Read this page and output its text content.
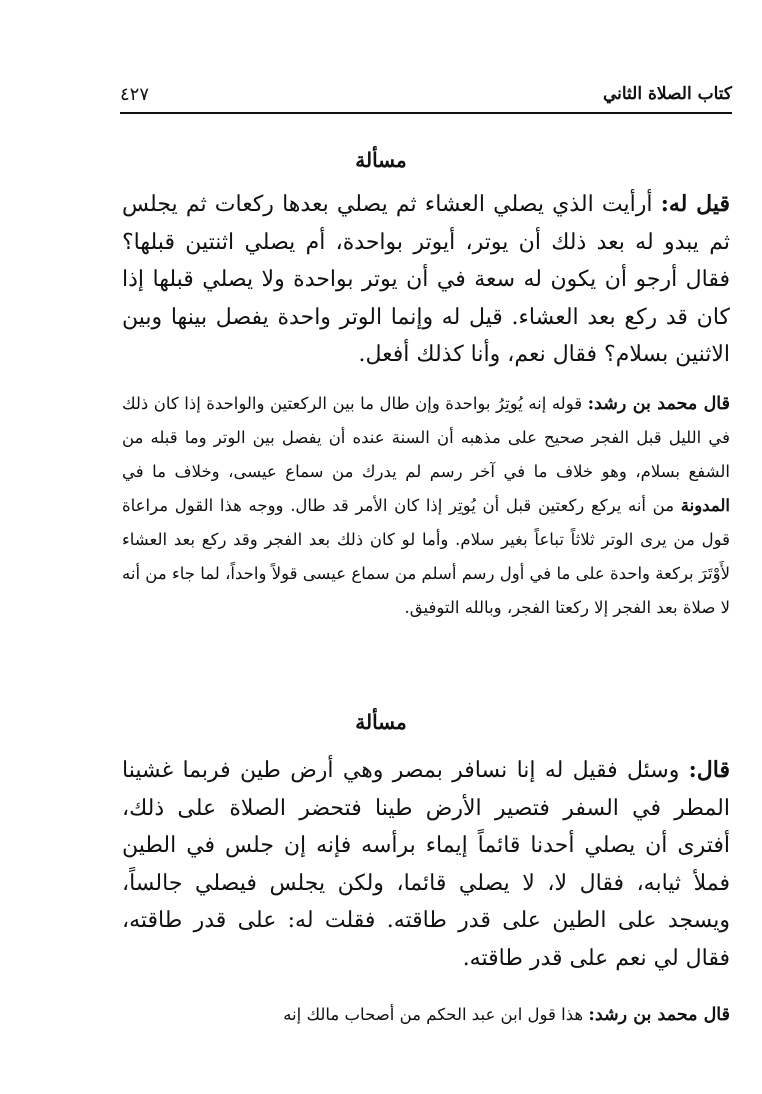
كتاب الصلاة الثاني
٤٢٧
مسألة

قيل له: أرأيت الذي يصلي العشاء ثم يصلي بعدها ركعات ثم يجلس ثم يبدو له بعد ذلك أن يوتر، أيوتر بواحدة، أم يصلي اثنتين قبلها؟ فقال أرجو أن يكون له سعة في أن يوتر بواحدة ولا يصلي قبلها إذا كان قد ركع بعد العشاء. قيل له وإنما الوتر واحدة يفصل بينها وبين الاثنين بسلام؟ فقال نعم، وأنا كذلك أفعل.

قال محمد بن رشد: قوله إنه يُوتِرُ بواحدة وإن طال ما بين الركعتين والواحدة إذا كان ذلك في الليل قبل الفجر صحيح على مذهبه أن السنة عنده أن يفصل بين الوتر وما قبله من الشفع بسلام، وهو خلاف ما في آخر رسم لم يدرك من سماع عيسى، وخلاف ما في المدونة من أنه يركع ركعتين قبل أن يُوتِر إذا كان الأمر قد طال. ووجه هذا القول مراعاة قول من يرى الوتر ثلاثاً تباعاً بغير سلام. وأما لو كان ذلك بعد الفجر وقد ركع بعد العشاء لأَوْتَرَ بركعة واحدة على ما في أول رسم أسلم من سماع عيسى قولاً واحداً، لما جاء من أنه لا صلاة بعد الفجر إلا ركعتا الفجر، وبالله التوفيق.

مسألة

قال: وسئل فقيل له إنا نسافر بمصر وهي أرض طين فربما غشينا المطر في السفر فتصير الأرض طينا فتحضر الصلاة على ذلك، أفترى أن يصلي أحدنا قائماً إيماء برأسه فإنه إن جلس في الطين فملأ ثيابه، فقال لا، لا يصلي قائما، ولكن يجلس فيصلي جالساً، ويسجد على الطين على قدر طاقته. فقلت له: على قدر طاقته، فقال لي نعم على قدر طاقته.

قال محمد بن رشد: هذا قول ابن عبد الحكم من أصحاب مالك إنه
